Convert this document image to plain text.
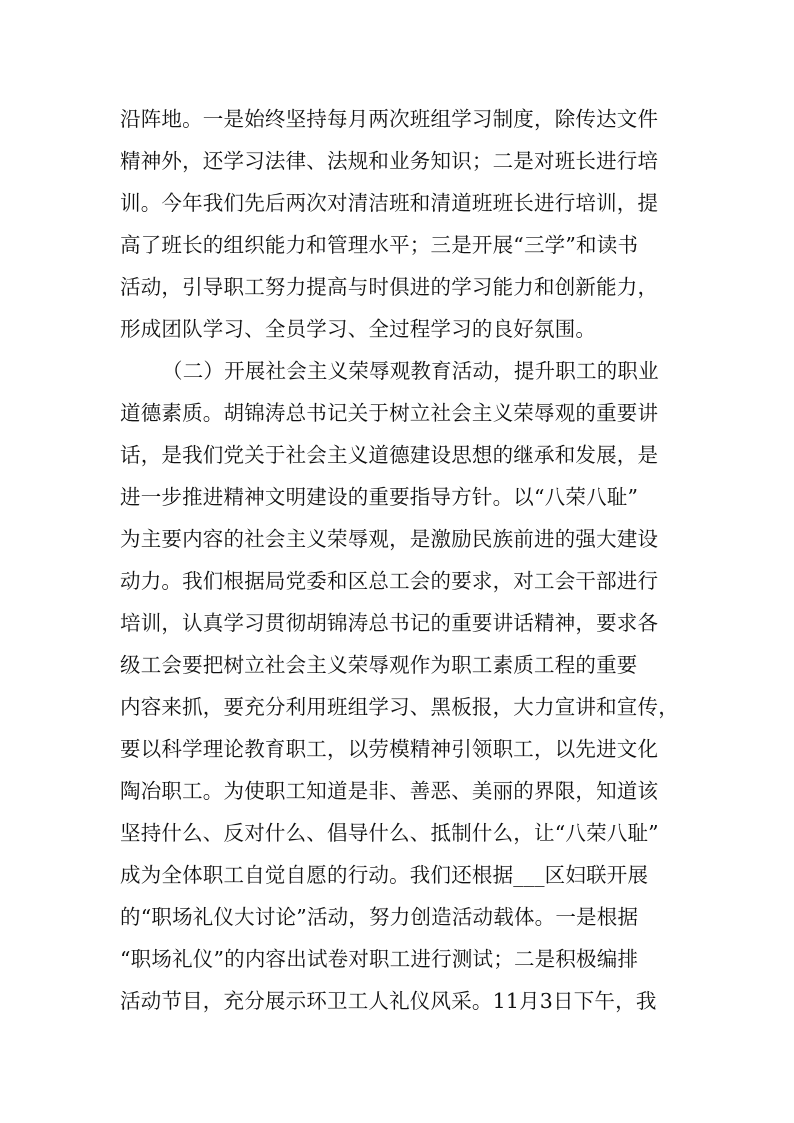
沿阵地。一是始终坚持每月两次班组学习制度，除传达文件
精神外，还学习法律、法规和业务知识；二是对班长进行培
训。今年我们先后两次对清洁班和清道班班长进行培训，提
高了班长的组织能力和管理水平；三是开展“三学”和读书
活动，引导职工努力提高与时俱进的学习能力和创新能力，
形成团队学习、全员学习、全过程学习的良好氛围。
（二）开展社会主义荣辱观教育活动，提升职工的职业
道德素质。胡锦涛总书记关于树立社会主义荣辱观的重要讲
话，是我们党关于社会主义道德建设思想的继承和发展，是
进一步推进精神文明建设的重要指导方针。以“八荣八耻”
为主要内容的社会主义荣辱观，是激励民族前进的强大建设
动力。我们根据局党委和区总工会的要求，对工会干部进行
培训，认真学习贯彻胡锦涛总书记的重要讲话精神，要求各
级工会要把树立社会主义荣辱观作为职工素质工程的重要
内容来抓，要充分利用班组学习、黑板报，大力宣讲和宣传，
要以科学理论教育职工，以劳模精神引领职工，以先进文化
陶冶职工。为使职工知道是非、善恶、美丽的界限，知道该
坚持什么、反对什么、倡导什么、抵制什么，让“八荣八耻”
成为全体职工自觉自愿的行动。我们还根据___区妇联开展
的“职场礼仪大讨论”活动，努力创造活动载体。一是根据
“职场礼仪”的内容出试卷对职工进行测试；二是积极编排
活动节目，充分展示环卫工人礼仪风采。11月3日下午，我
